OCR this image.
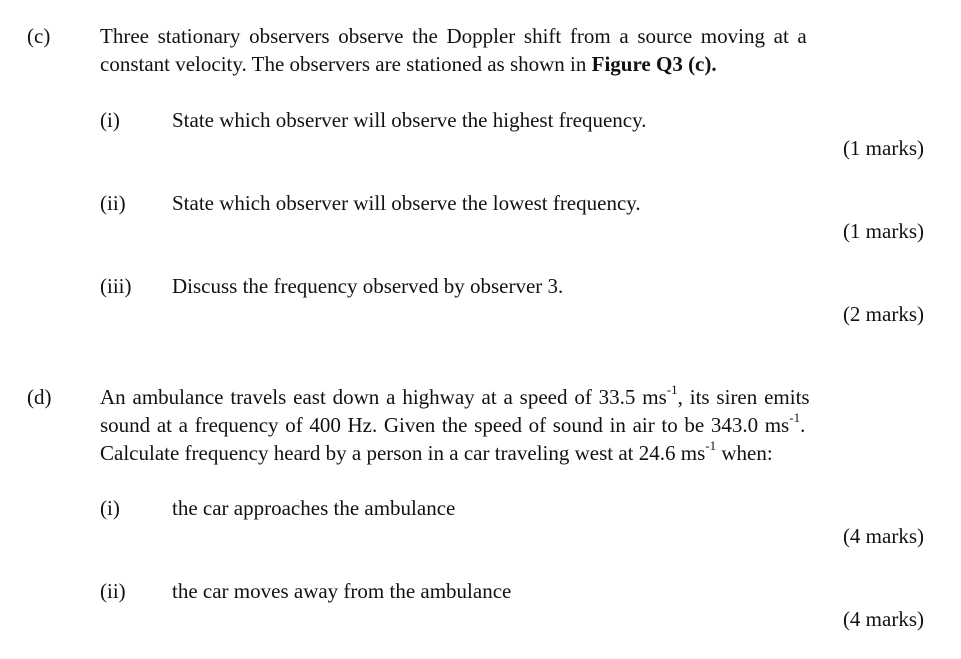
(c) Three stationary observers observe the Doppler shift from a source moving at a
constant velocity. The observers are stationed as shown in Figure Q3 (c).
(i) State which observer will observe the highest frequency.
(1 marks)
(ii) State which observer will observe the lowest frequency.
(1 marks)
(iii) Discuss the frequency observed by observer 3.
(2 marks)
(d) An ambulance travels east down a highway at a speed of 33.5 $ms^{-1}$, its siren emits
sound at a frequency of 400 Hz. Given the speed of sound in air to be 343.0 $ms^{-1}$.
Calculate frequency heard by a person in a car traveling west at 24.6 $ms^{-1}$ when:
(i) the car approaches the ambulance
(4 marks)
(ii) the car moves away from the ambulance
(4 marks)
